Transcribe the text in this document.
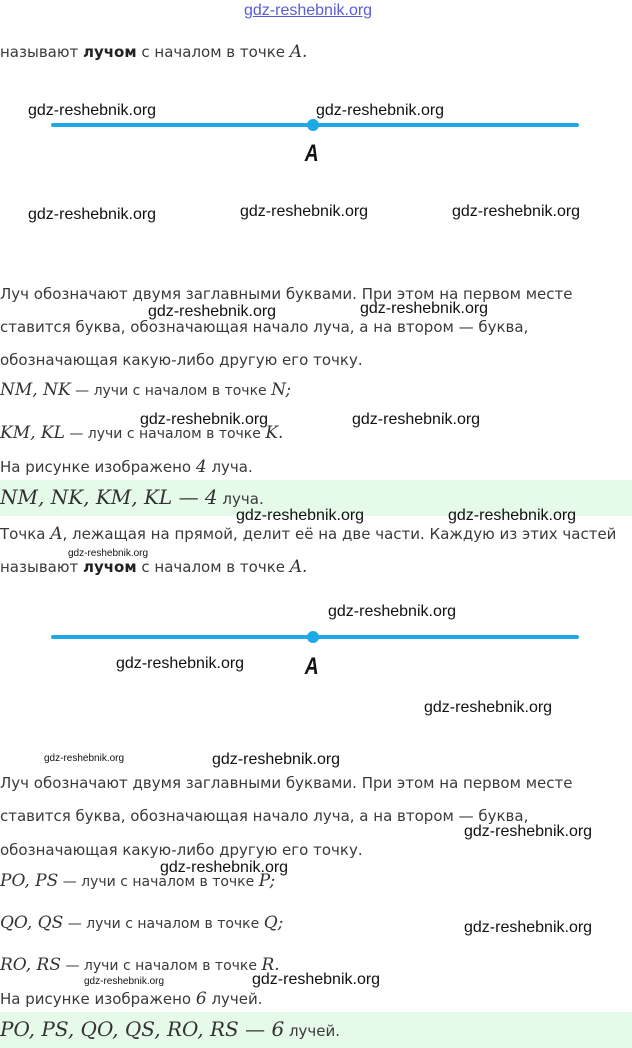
gdz-reshebnik.org
называют лучом с началом в точке A.
A
gdz-reshebnik.org	gdz-reshebnik.org
gdz-reshebnik.org	gdz-reshebnik.org	gdz-reshebnik.org
Луч обозначают двумя заглавными буквами. При этом на первом месте
ставится буква, обозначающая начало луча, а на втором — буква,
обозначающая какую-либо другую его точку.
gdz-reshebnik.org	gdz-reshebnik.org
NM, NK — лучи с началом в точке N;
KM, KL — лучи с началом в точке K.
gdz-reshebnik.org	gdz-reshebnik.org
На рисунке изображено 4 луча.
NM, NK, KM, KL — 4 луча.
gdz-reshebnik.org	gdz-reshebnik.org
Точка A, лежащая на прямой, делит её на две части. Каждую из этих частей
gdz-reshebnik.org
называют лучом с началом в точке A.
gdz-reshebnik.org
A
gdz-reshebnik.org
gdz-reshebnik.org
gdz-reshebnik.org	gdz-reshebnik.org
Луч обозначают двумя заглавными буквами. При этом на первом месте
ставится буква, обозначающая начало луча, а на втором — буква,
gdz-reshebnik.org
обозначающая какую-либо другую его точку.
gdz-reshebnik.org
PO, PS — лучи с началом в точке P;
QO, QS — лучи с началом в точке Q;	gdz-reshebnik.org
RO, RS — лучи с началом в точке R.
gdz-reshebnik.org
gdz-reshebnik.org
На рисунке изображено 6 лучей.
PO, PS, QO, QS, RO, RS — 6 лучей.
